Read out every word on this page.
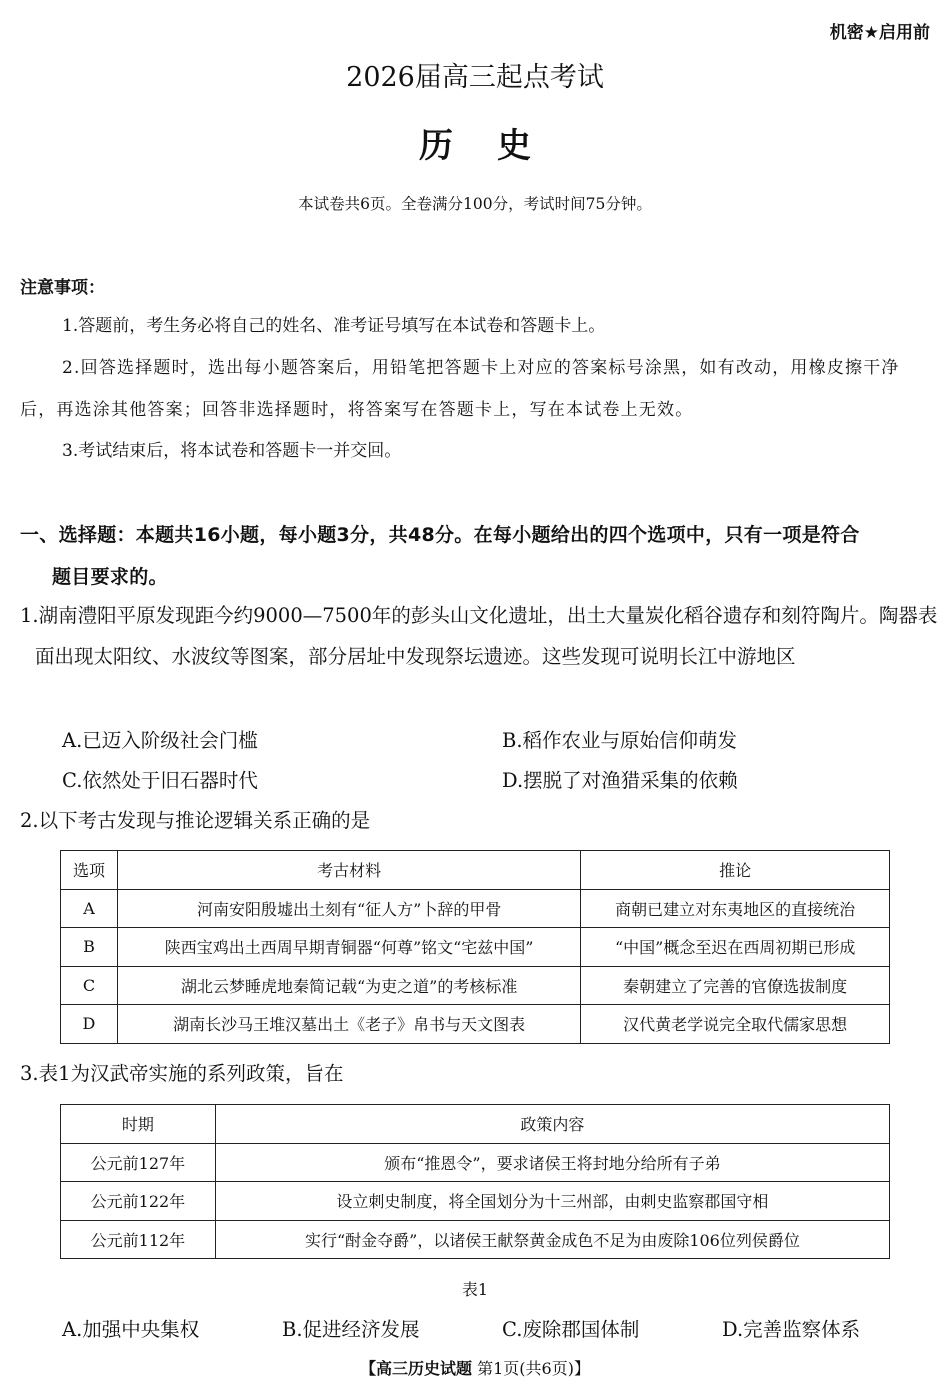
机密★启用前
2026届高三起点考试
历史
本试卷共6页。全卷满分100分，考试时间75分钟。
注意事项：
1.答题前，考生务必将自己的姓名、准考证号填写在本试卷和答题卡上。
2.回答选择题时，选出每小题答案后，用铅笔把答题卡上对应的答案标号涂黑，如有改动，用橡皮擦干净后，再选涂其他答案；回答非选择题时，将答案写在答题卡上，写在本试卷上无效。
3.考试结束后，将本试卷和答题卡一并交回。
一、选择题：本题共16小题，每小题3分，共48分。在每小题给出的四个选项中，只有一项是符合
题目要求的。
1.湖南澧阳平原发现距今约9000—7500年的彭头山文化遗址，出土大量炭化稻谷遗存和刻符陶片。陶器表面出现太阳纹、水波纹等图案，部分居址中发现祭坛遗迹。这些发现可说明长江中游地区
A.已迈入阶级社会门槛	B.稻作农业与原始信仰萌发
C.依然处于旧石器时代	D.摆脱了对渔猎采集的依赖
2.以下考古发现与推论逻辑关系正确的是
选项	考古材料	推论
A	河南安阳殷墟出土刻有“征人方”卜辞的甲骨	商朝已建立对东夷地区的直接统治
B	陕西宝鸡出土西周早期青铜器“何尊”铭文“宅兹中国”	“中国”概念至迟在西周初期已形成
C	湖北云梦睡虎地秦简记载“为吏之道”的考核标准	秦朝建立了完善的官僚选拔制度
D	湖南长沙马王堆汉墓出土《老子》帛书与天文图表	汉代黄老学说完全取代儒家思想
3.表1为汉武帝实施的系列政策，旨在
时期	政策内容
公元前127年	颁布“推恩令”，要求诸侯王将封地分给所有子弟
公元前122年	设立刺史制度，将全国划分为十三州部，由刺史监察郡国守相
公元前112年	实行“酎金夺爵”，以诸侯王献祭黄金成色不足为由废除106位列侯爵位
表1
A.加强中央集权	B.促进经济发展	C.废除郡国体制	D.完善监察体系
【高三历史试题 第1页(共6页)】
